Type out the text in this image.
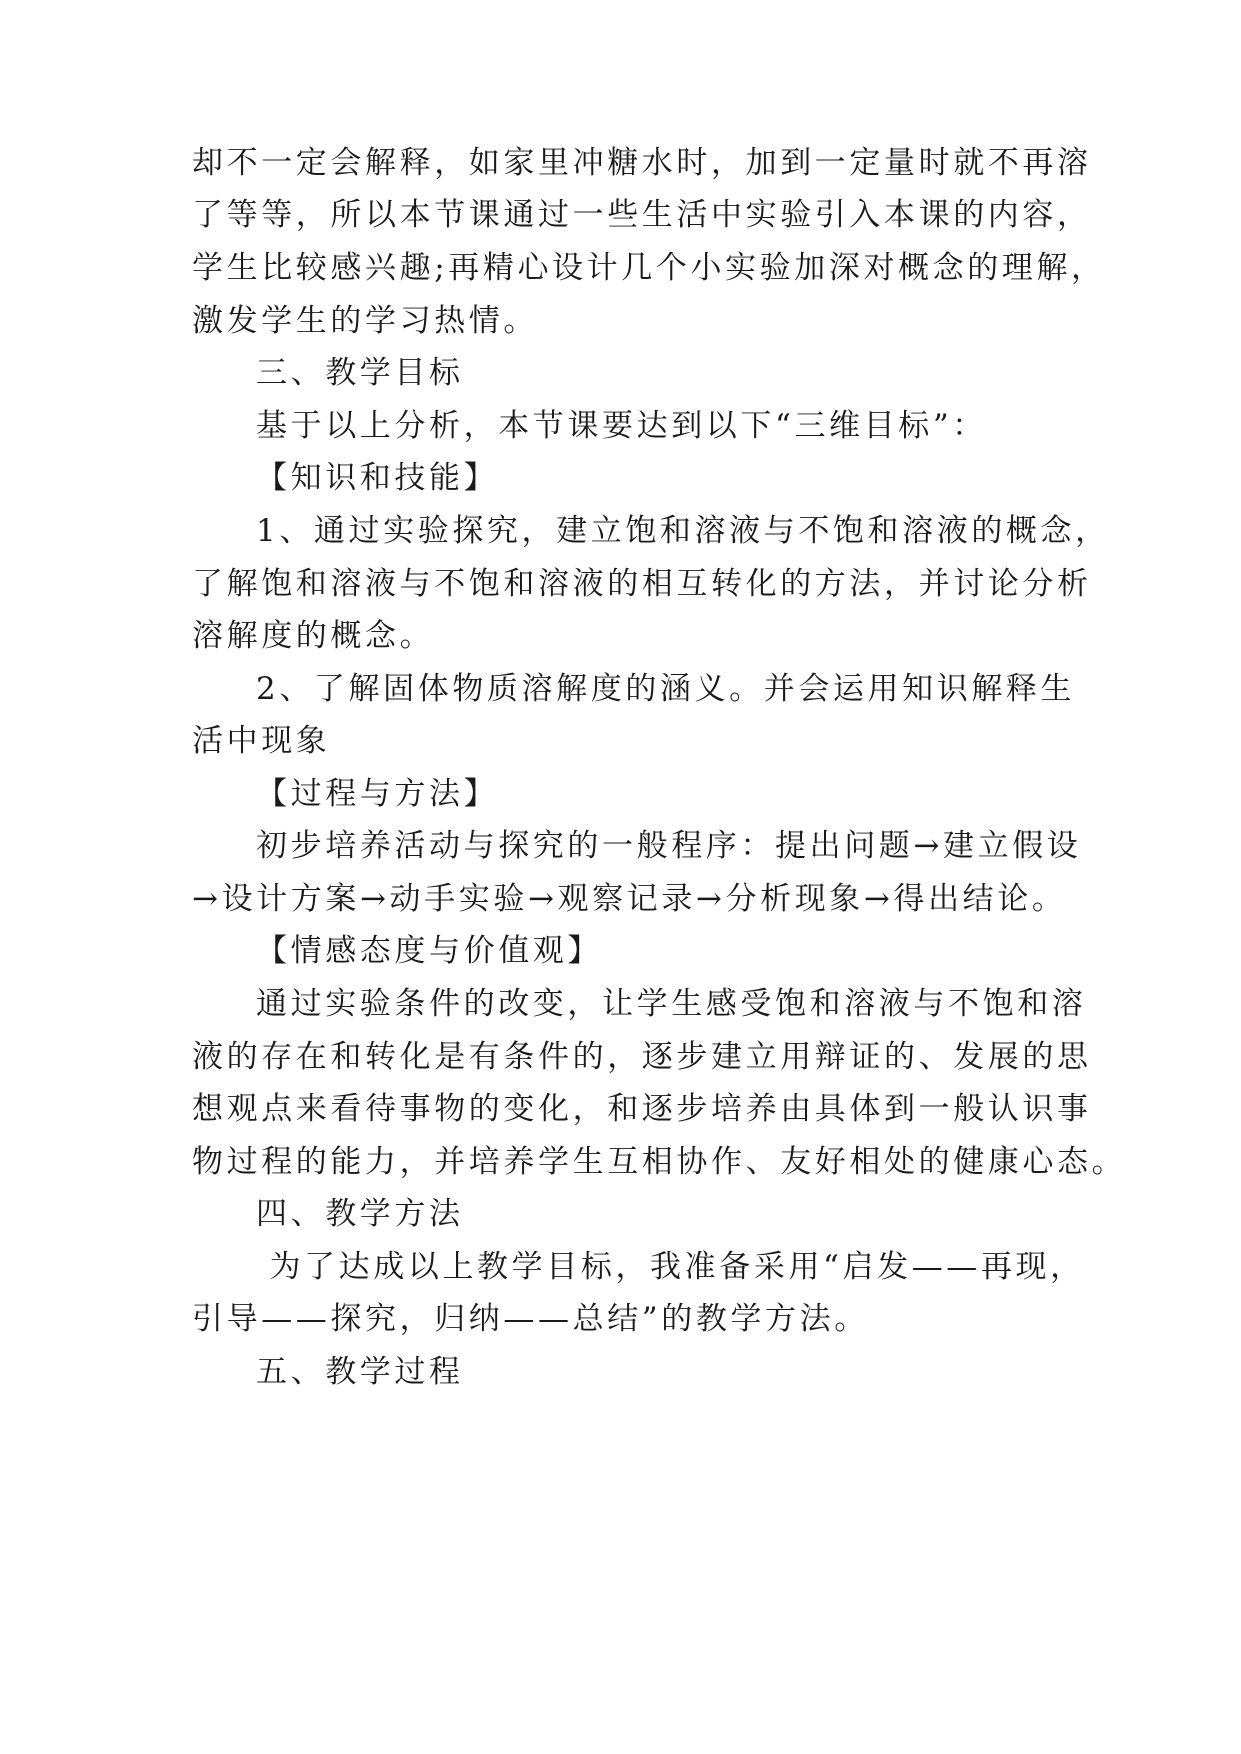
却不一定会解释，如家里冲糖水时，加到一定量时就不再溶
了等等，所以本节课通过一些生活中实验引入本课的内容，
学生比较感兴趣;再精心设计几个小实验加深对概念的理解，
激发学生的学习热情。
三、教学目标
基于以上分析，本节课要达到以下“三维目标”：
【知识和技能】
1、通过实验探究，建立饱和溶液与不饱和溶液的概念，
了解饱和溶液与不饱和溶液的相互转化的方法，并讨论分析
溶解度的概念。
2、了解固体物质溶解度的涵义。并会运用知识解释生
活中现象
【过程与方法】
初步培养活动与探究的一般程序：提出问题→建立假设
→设计方案→动手实验→观察记录→分析现象→得出结论。
【情感态度与价值观】
通过实验条件的改变，让学生感受饱和溶液与不饱和溶
液的存在和转化是有条件的，逐步建立用辩证的、发展的思
想观点来看待事物的变化，和逐步培养由具体到一般认识事
物过程的能力，并培养学生互相协作、友好相处的健康心态。
四、教学方法
为了达成以上教学目标，我准备采用“启发——再现，
引导——探究，归纳——总结”的教学方法。
五、教学过程
